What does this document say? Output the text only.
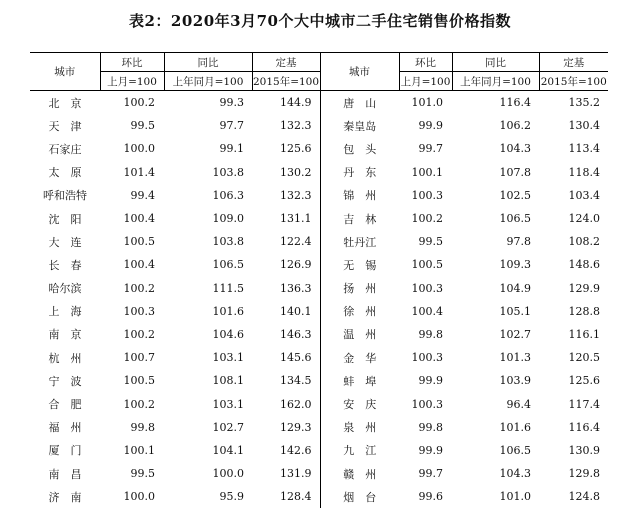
表2：2020年3月70个大中城市二手住宅销售价格指数
城市	环比	同比	定基	城市	环比	同比	定基
	上月=100	上年同月=100	2015年=100		上月=100	上年同月=100	2015年=100
北　京	100.2	99.3	144.9	唐　山	101.0	116.4	135.2
天　津	99.5	97.7	132.3	秦皇岛	99.9	106.2	130.4
石家庄	100.0	99.1	125.6	包　头	99.7	104.3	113.4
太　原	101.4	103.8	130.2	丹　东	100.1	107.8	118.4
呼和浩特	99.4	106.3	132.3	锦　州	100.3	102.5	103.4
沈　阳	100.4	109.0	131.1	吉　林	100.2	106.5	124.0
大　连	100.5	103.8	122.4	牡丹江	99.5	97.8	108.2
长　春	100.4	106.5	126.9	无　锡	100.5	109.3	148.6
哈尔滨	100.2	111.5	136.3	扬　州	100.3	104.9	129.9
上　海	100.3	101.6	140.1	徐　州	100.4	105.1	128.8
南　京	100.2	104.6	146.3	温　州	99.8	102.7	116.1
杭　州	100.7	103.1	145.6	金　华	100.3	101.3	120.5
宁　波	100.5	108.1	134.5	蚌　埠	99.9	103.9	125.6
合　肥	100.2	103.1	162.0	安　庆	100.3	96.4	117.4
福　州	99.8	102.7	129.3	泉　州	99.8	101.6	116.4
厦　门	100.1	104.1	142.6	九　江	99.9	106.5	130.9
南　昌	99.5	100.0	131.9	赣　州	99.7	104.3	129.8
济　南	100.0	95.9	128.4	烟　台	99.6	101.0	124.8
